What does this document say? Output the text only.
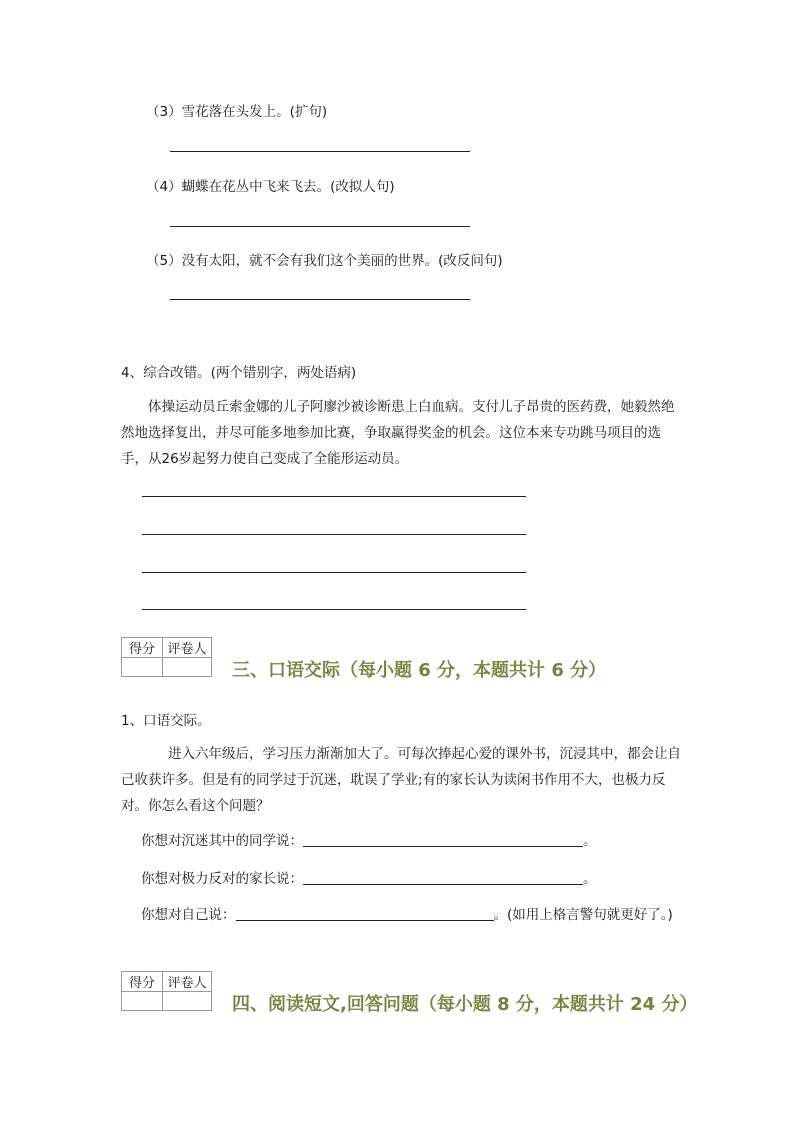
（3）雪花落在头发上。(扩句)
（4）蝴蝶在花丛中飞来飞去。(改拟人句)
（5）没有太阳，就不会有我们这个美丽的世界。(改反问句)
4、综合改错。(两个错别字，两处语病)
体操运动员丘索金娜的儿子阿廖沙被诊断患上白血病。支付儿子昂贵的医药费，她毅然绝然地选择复出，并尽可能多地参加比赛，争取赢得奖金的机会。这位本来专功跳马项目的选手，从26岁起努力使自己变成了全能形运动员。
得分	评卷人

三、口语交际（每小题 6 分，本题共计 6 分）
1、口语交际。
进入六年级后，学习压力渐渐加大了。可每次捧起心爱的课外书，沉浸其中，都会让自己收获许多。但是有的同学过于沉迷，耽误了学业;有的家长认为读闲书作用不大，也极力反对。你怎么看这个问题？
你想对沉迷其中的同学说：	。
你想对极力反对的家长说：	。
你想对自己说：	。(如用上格言警句就更好了。)
得分	评卷人

四、阅读短文,回答问题（每小题 8 分，本题共计 24 分）
